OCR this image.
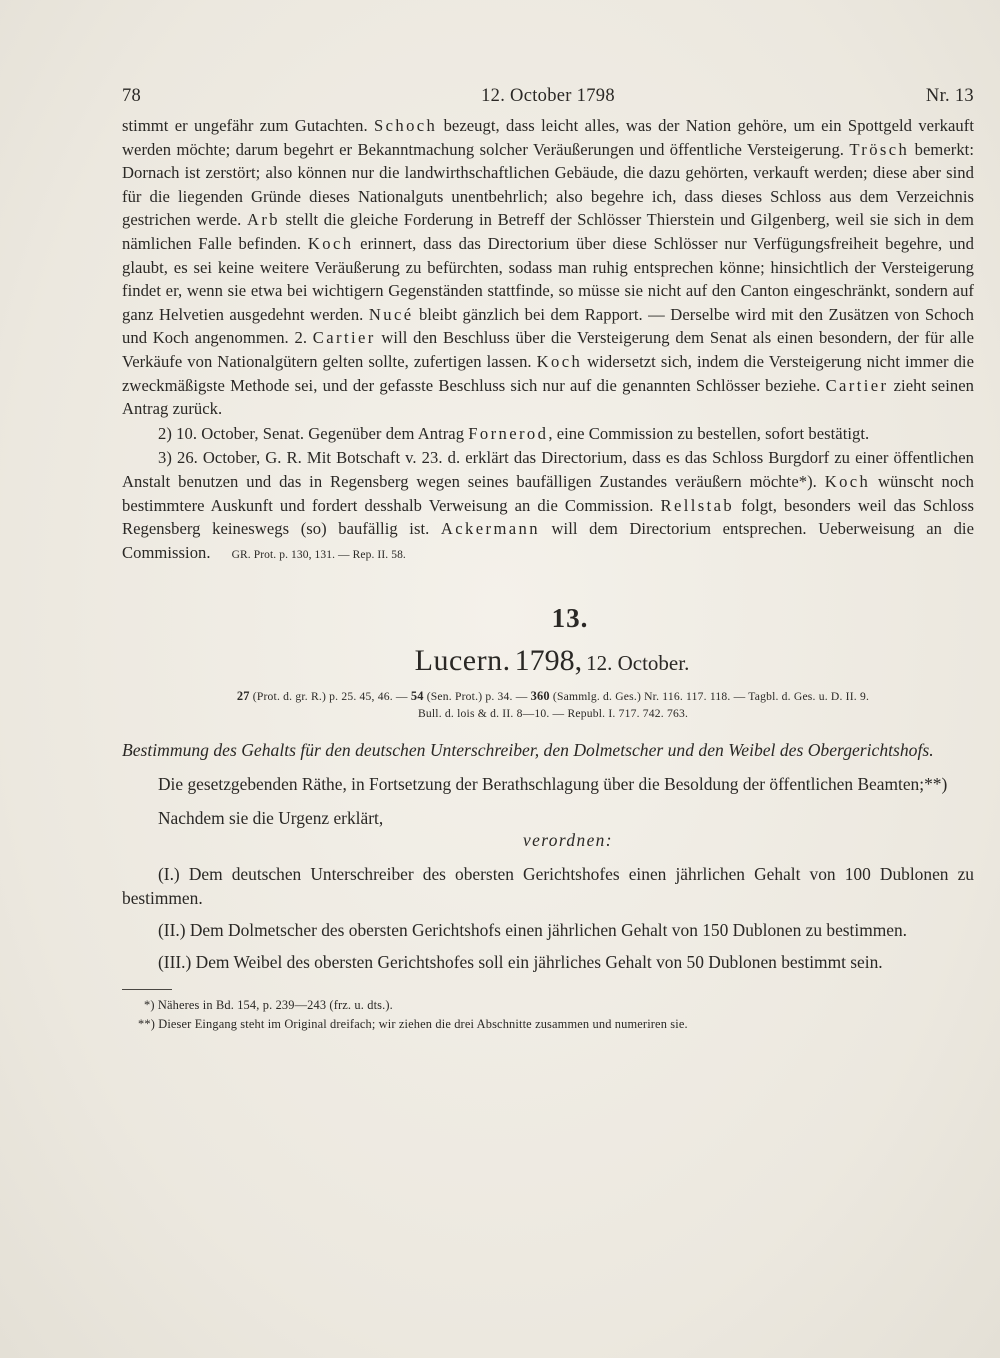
78	12. October 1798	Nr. 13

stimmt er ungefähr zum Gutachten. Schoch bezeugt, dass leicht alles, was der Nation gehöre, um ein Spottgeld verkauft werden möchte; darum begehrt er Bekanntmachung solcher Veräußerungen und öffentliche Versteigerung. Trösch bemerkt: Dornach ist zerstört; also können nur die landwirthschaftlichen Gebäude, die dazu gehörten, verkauft werden; diese aber sind für die liegenden Gründe dieses Nationalguts unentbehrlich; also begehre ich, dass dieses Schloss aus dem Verzeichnis gestrichen werde. Arb stellt die gleiche Forderung in Betreff der Schlösser Thierstein und Gilgenberg, weil sie sich in dem nämlichen Falle befinden. Koch erinnert, dass das Directorium über diese Schlösser nur Verfügungsfreiheit begehre, und glaubt, es sei keine weitere Veräußerung zu befürchten, sodass man ruhig entsprechen könne; hinsichtlich der Versteigerung findet er, wenn sie etwa bei wichtigern Gegenständen stattfinde, so müsse sie nicht auf den Canton eingeschränkt, sondern auf ganz Helvetien ausgedehnt werden. Nucé bleibt gänzlich bei dem Rapport. — Derselbe wird mit den Zusätzen von Schoch und Koch angenommen. 2. Cartier will den Beschluss über die Versteigerung dem Senat als einen besondern, der für alle Verkäufe von Nationalgütern gelten sollte, zufertigen lassen. Koch widersetzt sich, indem die Versteigerung nicht immer die zweckmäßigste Methode sei, und der gefasste Beschluss sich nur auf die genannten Schlösser beziehe. Cartier zieht seinen Antrag zurück.

2) 10. October, Senat. Gegenüber dem Antrag Fornerod, eine Commission zu bestellen, sofort bestätigt.

3) 26. October, G. R. Mit Botschaft v. 23. d. erklärt das Directorium, dass es das Schloss Burgdorf zu einer öffentlichen Anstalt benutzen und das in Regensberg wegen seines baufälligen Zustandes veräußern möchte*). Koch wünscht noch bestimmtere Auskunft und fordert desshalb Verweisung an die Commission. Rellstab folgt, besonders weil das Schloss Regensberg keineswegs (so) baufällig ist. Ackermann will dem Directorium entsprechen. Ueberweisung an die Commission. GR. Prot. p. 130, 131. — Rep. II. 58.

13.
Lucern. 1798, 12. October.
27 (Prot. d. gr. R.) p. 25. 45, 46. — 54 (Sen. Prot.) p. 34. — 360 (Sammlg. d. Ges.) Nr. 116. 117. 118. — Tagbl. d. Ges. u. D. II. 9.
Bull. d. lois & d. II. 8—10. — Republ. I. 717. 742. 763.

Bestimmung des Gehalts für den deutschen Unterschreiber, den Dolmetscher und den Weibel des Obergerichtshofs.

Die gesetzgebenden Räthe, in Fortsetzung der Berathschlagung über die Besoldung der öffentlichen Beamten;**)

Nachdem sie die Urgenz erklärt,

verordnen:

(I.) Dem deutschen Unterschreiber des obersten Gerichtshofes einen jährlichen Gehalt von 100 Dublonen zu bestimmen.

(II.) Dem Dolmetscher des obersten Gerichtshofs einen jährlichen Gehalt von 150 Dublonen zu bestimmen.

(III.) Dem Weibel des obersten Gerichtshofes soll ein jährliches Gehalt von 50 Dublonen bestimmt sein.

*) Näheres in Bd. 154, p. 239—243 (frz. u. dts.).
**) Dieser Eingang steht im Original dreifach; wir ziehen die drei Abschnitte zusammen und numeriren sie.
